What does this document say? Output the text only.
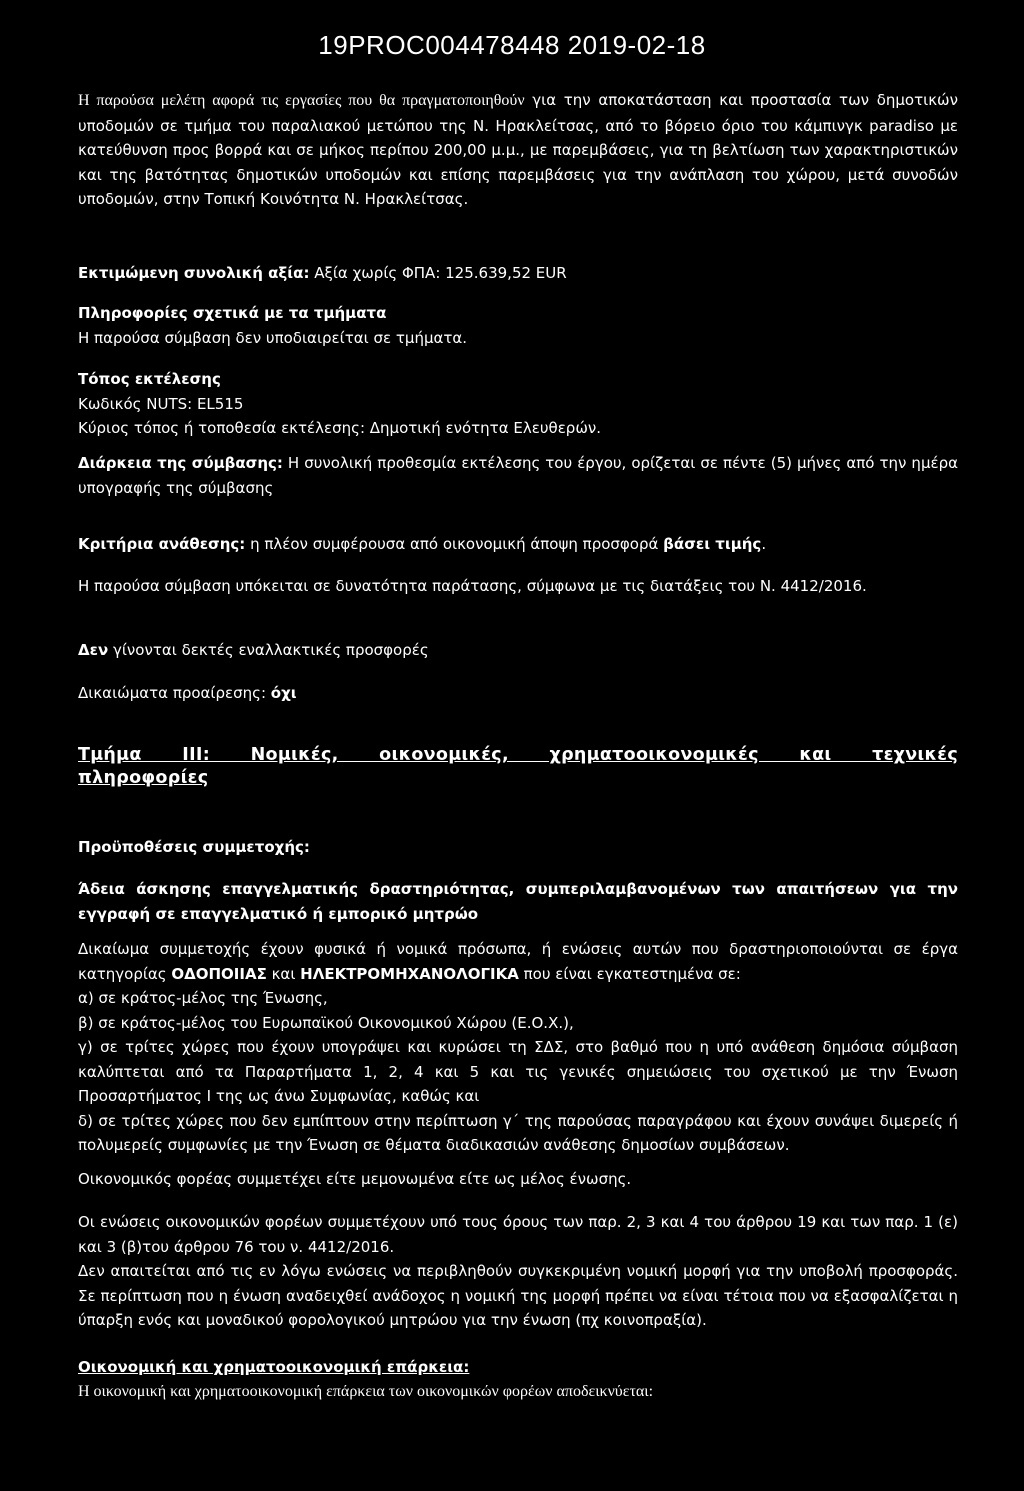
19PROC004478448 2019-02-18
Η παρούσα μελέτη αφορά τις εργασίες που θα πραγματοποιηθούν για την αποκατάσταση και προστασία των δημοτικών υποδομών σε τμήμα του παραλιακού μετώπου της Ν. Ηρακλείτσας, από το βόρειο όριο του κάμπινγκ paradiso με κατεύθυνση προς βορρά και σε μήκος περίπου 200,00 μ.μ., με παρεμβάσεις, για τη βελτίωση των χαρακτηριστικών και της βατότητας δημοτικών υποδομών και επίσης παρεμβάσεις για την ανάπλαση του χώρου, μετά συνοδών υποδομών, στην Τοπική Κοινότητα Ν. Ηρακλείτσας.
Εκτιμώμενη συνολική αξία: Αξία χωρίς ΦΠΑ: 125.639,52 EUR
Πληροφορίες σχετικά με τα τμήματα
Η παρούσα σύμβαση δεν υποδιαιρείται σε τμήματα.
Τόπος εκτέλεσης
Κωδικός NUTS: EL515
Κύριος τόπος ή τοποθεσία εκτέλεσης: Δημοτική ενότητα Ελευθερών.
Διάρκεια της σύμβασης: Η συνολική προθεσμία εκτέλεσης του έργου, ορίζεται σε πέντε (5) μήνες από την ημέρα υπογραφής της σύμβασης
Κριτήρια ανάθεσης: η πλέον συμφέρουσα από οικονομική άποψη προσφορά βάσει τιμής.
Η παρούσα σύμβαση υπόκειται σε δυνατότητα παράτασης, σύμφωνα με τις διατάξεις του Ν. 4412/2016.
Δεν γίνονται δεκτές εναλλακτικές προσφορές
Δικαιώματα προαίρεσης: όχι
Τμήμα III: Νομικές, οικονομικές, χρηματοοικονομικές και τεχνικές
πληροφορίες
Προϋποθέσεις συμμετοχής:
Άδεια άσκησης επαγγελματικής δραστηριότητας, συμπεριλαμβανομένων των απαιτήσεων για την εγγραφή σε επαγγελματικό ή εμπορικό μητρώο
Δικαίωμα συμμετοχής έχουν φυσικά ή νομικά πρόσωπα, ή ενώσεις αυτών που δραστηριοποιούνται σε έργα κατηγορίας ΟΔΟΠΟΙΙΑΣ και ΗΛΕΚΤΡΟΜΗΧΑΝΟΛΟΓΙΚΑ που είναι εγκατεστημένα σε:
α) σε κράτος-μέλος της Ένωσης,
β) σε κράτος-μέλος του Ευρωπαϊκού Οικονομικού Χώρου (Ε.Ο.Χ.),
γ) σε τρίτες χώρες που έχουν υπογράψει και κυρώσει τη ΣΔΣ, στο βαθμό που η υπό ανάθεση δημόσια σύμβαση καλύπτεται από τα Παραρτήματα 1, 2, 4 και 5 και τις γενικές σημειώσεις του σχετικού με την Ένωση Προσαρτήματος Ι της ως άνω Συμφωνίας, καθώς και
δ) σε τρίτες χώρες που δεν εμπίπτουν στην περίπτωση γ΄ της παρούσας παραγράφου και έχουν συνάψει διμερείς ή πολυμερείς συμφωνίες με την Ένωση σε θέματα διαδικασιών ανάθεσης δημοσίων συμβάσεων.
Οικονομικός φορέας συμμετέχει είτε μεμονωμένα είτε ως μέλος ένωσης.
Οι ενώσεις οικονομικών φορέων συμμετέχουν υπό τους όρους των παρ. 2, 3 και 4 του άρθρου 19 και των παρ. 1 (ε) και 3 (β)του άρθρου 76 του ν. 4412/2016.
Δεν απαιτείται από τις εν λόγω ενώσεις να περιβληθούν συγκεκριμένη νομική μορφή για την υποβολή προσφοράς. Σε περίπτωση που η ένωση αναδειχθεί ανάδοχος η νομική της μορφή πρέπει να είναι τέτοια που να εξασφαλίζεται η ύπαρξη ενός και μοναδικού φορολογικού μητρώου για την ένωση (πχ κοινοπραξία).
Οικονομική και χρηματοοικονομική επάρκεια:
Η οικονομική και χρηματοοικονομική επάρκεια των οικονομικών φορέων αποδεικνύεται:
